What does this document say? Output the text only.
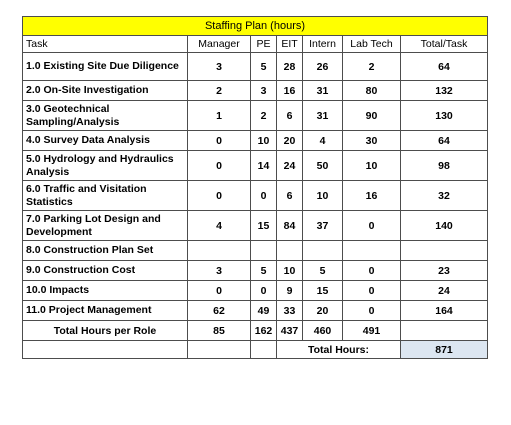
Staffing Plan (hours)						
Task	Manager	PE	EIT	Intern	Lab Tech	Total/Task
1.0 Existing Site Due Diligence	3	5	28	26	2	64
2.0 On-Site Investigation	2	3	16	31	80	132
3.0 Geotechnical Sampling/Analysis	1	2	6	31	90	130
4.0 Survey Data Analysis	0	10	20	4	30	64
5.0 Hydrology and Hydraulics Analysis	0	14	24	50	10	98
6.0 Traffic and Visitation Statistics	0	0	6	10	16	32
7.0 Parking Lot Design and Development	4	15	84	37	0	140
8.0 Construction Plan Set						
9.0 Construction Cost	3	5	10	5	0	23
10.0 Impacts	0	0	9	15	0	24
11.0 Project Management	62	49	33	20	0	164
Total Hours per Role	85	162	437	460	491	
			Total Hours:			871
